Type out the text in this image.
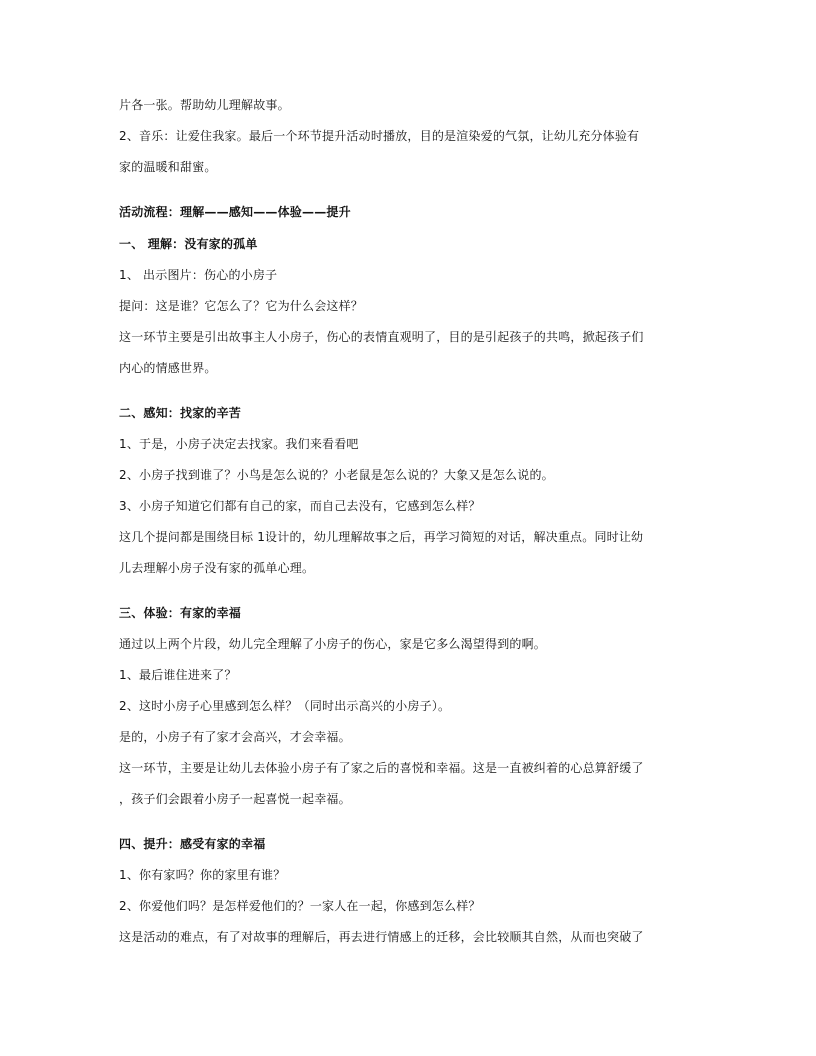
片各一张。帮助幼儿理解故事。
2、音乐：让爱住我家。最后一个环节提升活动时播放，目的是渲染爱的气氛，让幼儿充分体验有
家的温暖和甜蜜。
活动流程：理解——感知——体验——提升
一、 理解：没有家的孤单
1、 出示图片：伤心的小房子
提问：这是谁？它怎么了？它为什么会这样？
这一环节主要是引出故事主人小房子，伤心的表情直观明了，目的是引起孩子的共鸣，掀起孩子们
内心的情感世界。
二、感知：找家的辛苦
1、于是，小房子决定去找家。我们来看看吧
2、小房子找到谁了？小鸟是怎么说的？小老鼠是怎么说的？大象又是怎么说的。
3、小房子知道它们都有自己的家，而自己去没有，它感到怎么样？
这几个提问都是围绕目标 1设计的，幼儿理解故事之后，再学习简短的对话，解决重点。同时让幼
儿去理解小房子没有家的孤单心理。
三、体验：有家的幸福
通过以上两个片段，幼儿完全理解了小房子的伤心，家是它多么渴望得到的啊。
1、最后谁住进来了？
2、这时小房子心里感到怎么样？（同时出示高兴的小房子）。
是的，小房子有了家才会高兴，才会幸福。
这一环节，主要是让幼儿去体验小房子有了家之后的喜悦和幸福。这是一直被纠着的心总算舒缓了
，孩子们会跟着小房子一起喜悦一起幸福。
四、提升：感受有家的幸福
1、你有家吗？你的家里有谁？
2、你爱他们吗？是怎样爱他们的？一家人在一起，你感到怎么样？
这是活动的难点，有了对故事的理解后，再去进行情感上的迁移，会比较顺其自然，从而也突破了
